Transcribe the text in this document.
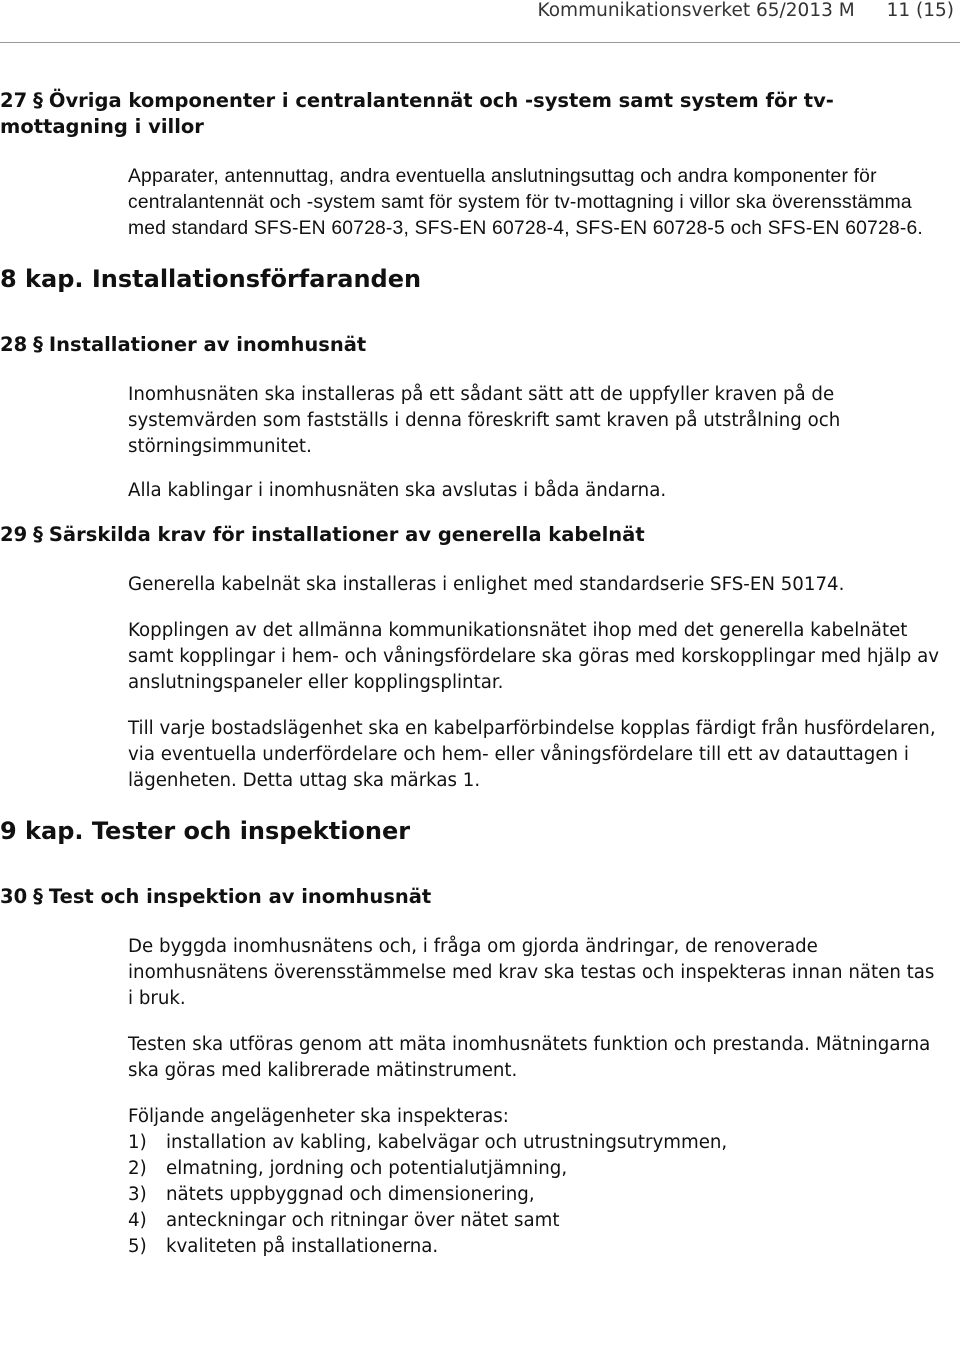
Kommunikationsverket 65/2013 M 11 (15)
27 § Övriga komponenter i centralantennät och -system samt system för tv-mottagning i villor

Apparater, antennuttag, andra eventuella anslutningsuttag och andra komponenter för centralantennät och -system samt för system för tv-mottagning i villor ska överensstämma med standard SFS-EN 60728-3, SFS-EN 60728-4, SFS-EN 60728-5 och SFS-EN 60728-6.

8 kap. Installationsförfaranden
28 § Installationer av inomhusnät

Inomhusnäten ska installeras på ett sådant sätt att de uppfyller kraven på de systemvärden som fastställs i denna föreskrift samt kraven på utstrålning och störningsimmunitet.

Alla kablingar i inomhusnäten ska avslutas i båda ändarna.

29 § Särskilda krav för installationer av generella kabelnät

Generella kabelnät ska installeras i enlighet med standardserie SFS-EN 50174.

Kopplingen av det allmänna kommunikationsnätet ihop med det generella kabelnätet samt kopplingar i hem- och våningsfördelare ska göras med korskopplingar med hjälp av anslutningspaneler eller kopplingsplintar.

Till varje bostadslägenhet ska en kabelparförbindelse kopplas färdigt från husfördelaren, via eventuella underfördelare och hem- eller våningsfördelare till ett av datauttagen i lägenheten. Detta uttag ska märkas 1.

9 kap. Tester och inspektioner
30 § Test och inspektion av inomhusnät

De byggda inomhusnätens och, i fråga om gjorda ändringar, de renoverade inomhusnätens överensstämmelse med krav ska testas och inspekteras innan näten tas i bruk.

Testen ska utföras genom att mäta inomhusnätets funktion och prestanda. Mätningarna ska göras med kalibrerade mätinstrument.

Följande angelägenheter ska inspekteras:

1) installation av kabling, kabelvägar och utrustningsutrymmen,
2) elmatning, jordning och potentialutjämning,
3) nätets uppbyggnad och dimensionering,
4) anteckningar och ritningar över nätet samt
5) kvaliteten på installationerna.
